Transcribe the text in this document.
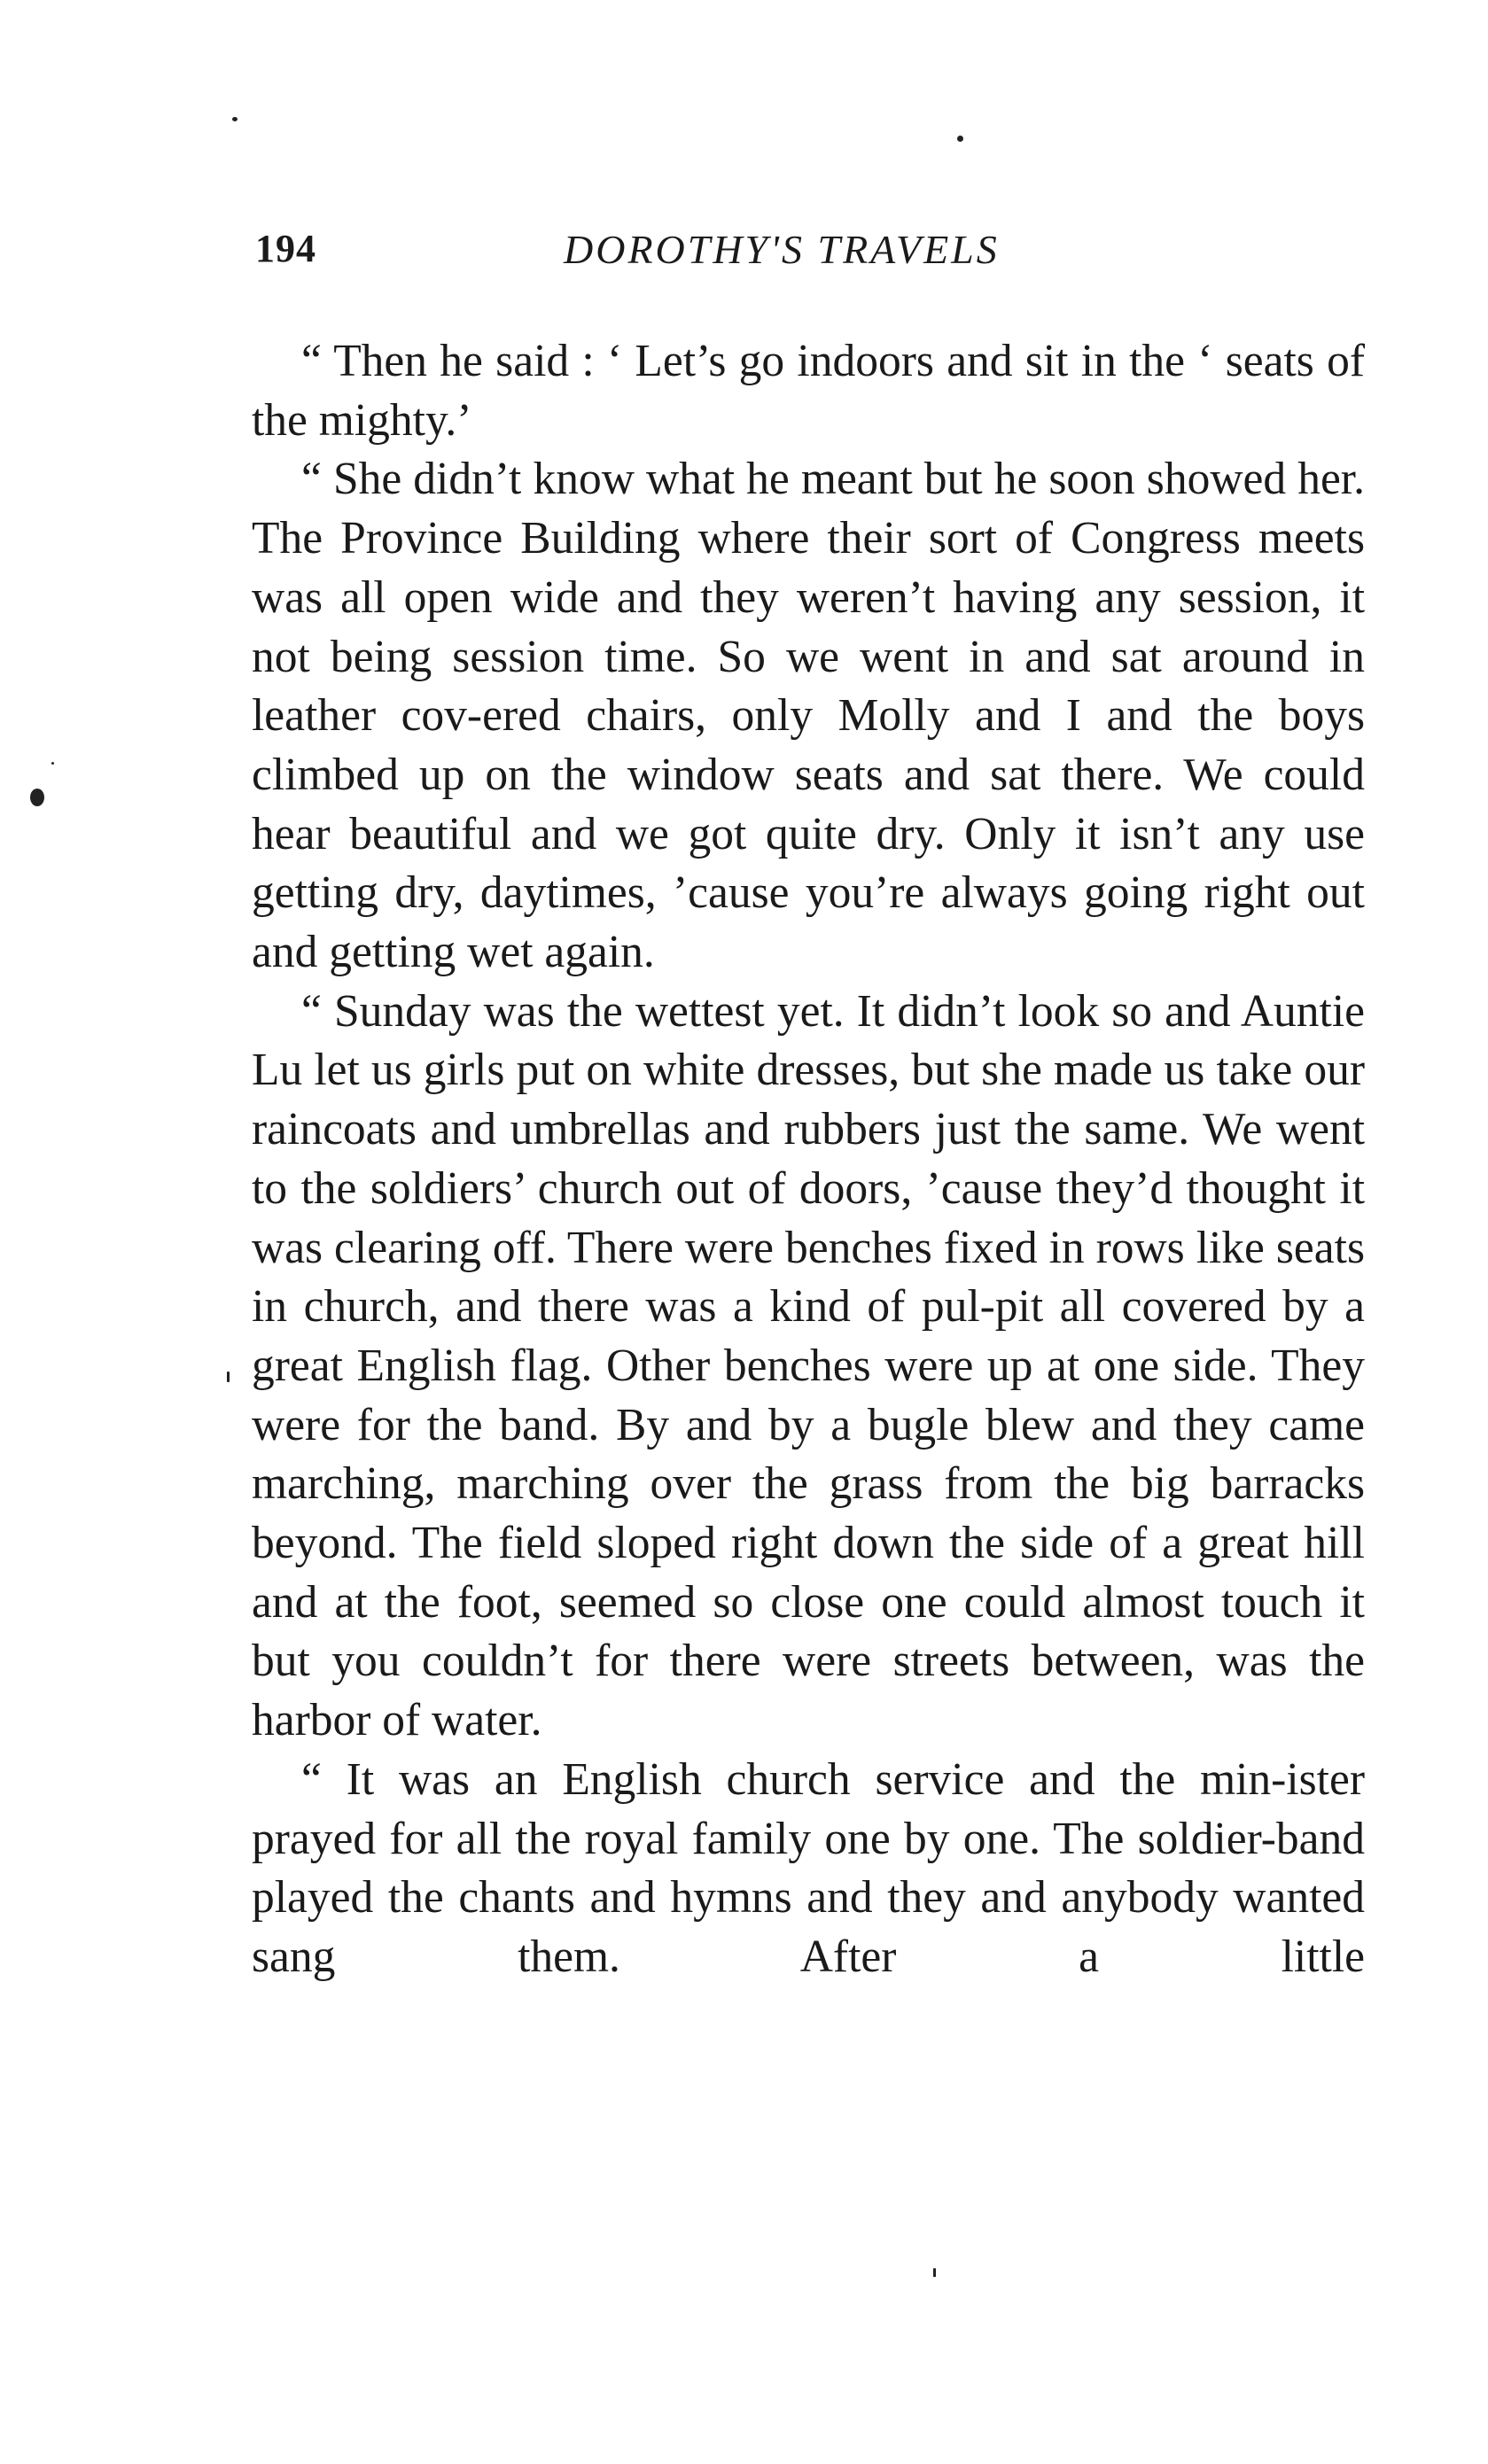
194	DOROTHY'S TRAVELS

“ Then he said : ‘ Let’s go indoors and sit in the ‘ seats of the mighty.’

“ She didn’t know what he meant but he soon showed her. The Province Building where their sort of Congress meets was all open wide and they weren’t having any session, it not being session time. So we went in and sat around in leather cov-ered chairs, only Molly and I and the boys climbed up on the window seats and sat there. We could hear beautiful and we got quite dry. Only it isn’t any use getting dry, daytimes, ’cause you’re always going right out and getting wet again.

“ Sunday was the wettest yet. It didn’t look so and Auntie Lu let us girls put on white dresses, but she made us take our raincoats and umbrellas and rubbers just the same. We went to the soldiers’ church out of doors, ’cause they’d thought it was clearing off. There were benches fixed in rows like seats in church, and there was a kind of pul-pit all covered by a great English flag. Other benches were up at one side. They were for the band. By and by a bugle blew and they came marching, marching over the grass from the big barracks beyond. The field sloped right down the side of a great hill and at the foot, seemed so close one could almost touch it but you couldn’t for there were streets between, was the harbor of water.

“ It was an English church service and the min-ister prayed for all the royal family one by one. The soldier-band played the chants and hymns and they and anybody wanted sang them. After a little
